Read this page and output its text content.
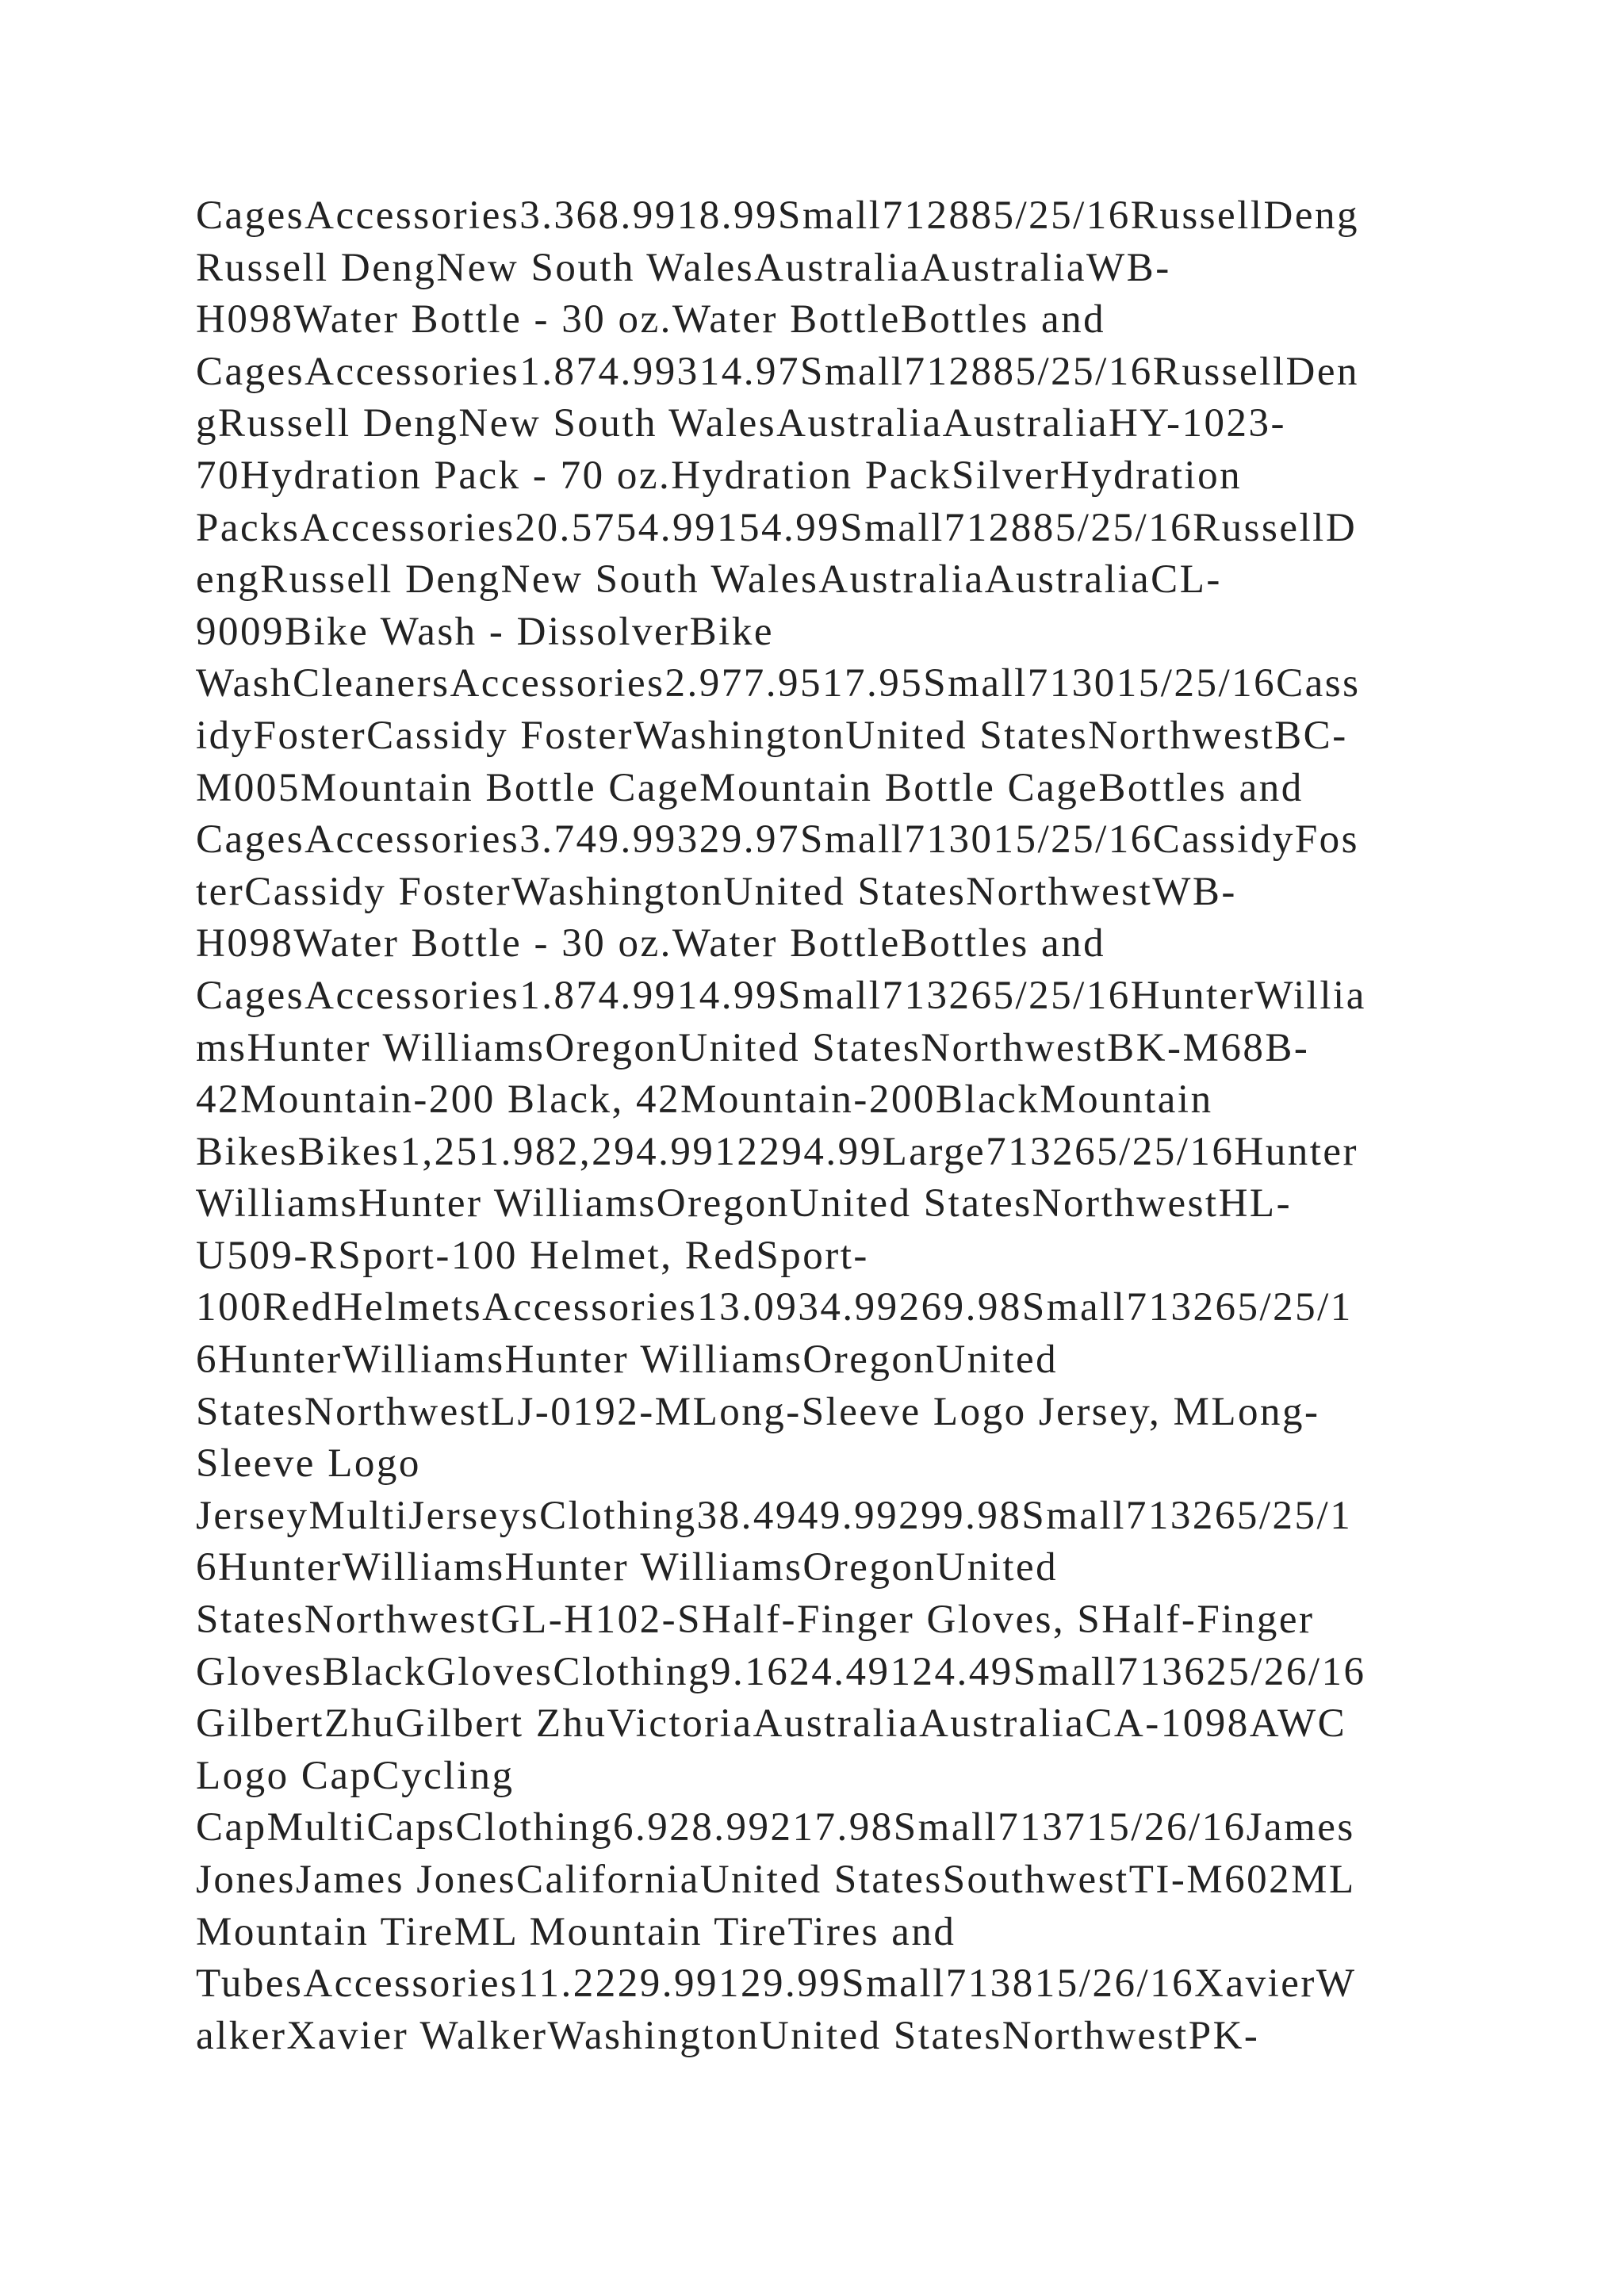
CagesAccessories3.368.9918.99Small712885/25/16RussellDeng
Russell DengNew South WalesAustraliaAustraliaWB-
H098Water Bottle - 30 oz.Water BottleBottles and
CagesAccessories1.874.99314.97Small712885/25/16RussellDen
gRussell DengNew South WalesAustraliaAustraliaHY-1023-
70Hydration Pack - 70 oz.Hydration PackSilverHydration
PacksAccessories20.5754.99154.99Small712885/25/16RussellD
engRussell DengNew South WalesAustraliaAustraliaCL-
9009Bike Wash - DissolverBike
WashCleanersAccessories2.977.9517.95Small713015/25/16Cass
idyFosterCassidy FosterWashingtonUnited StatesNorthwestBC-
M005Mountain Bottle CageMountain Bottle CageBottles and
CagesAccessories3.749.99329.97Small713015/25/16CassidyFos
terCassidy FosterWashingtonUnited StatesNorthwestWB-
H098Water Bottle - 30 oz.Water BottleBottles and
CagesAccessories1.874.9914.99Small713265/25/16HunterWillia
msHunter WilliamsOregonUnited StatesNorthwestBK-M68B-
42Mountain-200 Black, 42Mountain-200BlackMountain
BikesBikes1,251.982,294.9912294.99Large713265/25/16Hunter
WilliamsHunter WilliamsOregonUnited StatesNorthwestHL-
U509-RSport-100 Helmet, RedSport-
100RedHelmetsAccessories13.0934.99269.98Small713265/25/1
6HunterWilliamsHunter WilliamsOregonUnited
StatesNorthwestLJ-0192-MLong-Sleeve Logo Jersey, MLong-
Sleeve Logo
JerseyMultiJerseysClothing38.4949.99299.98Small713265/25/1
6HunterWilliamsHunter WilliamsOregonUnited
StatesNorthwestGL-H102-SHalf-Finger Gloves, SHalf-Finger
GlovesBlackGlovesClothing9.1624.49124.49Small713625/26/16
GilbertZhuGilbert ZhuVictoriaAustraliaAustraliaCA-1098AWC
Logo CapCycling
CapMultiCapsClothing6.928.99217.98Small713715/26/16James
JonesJames JonesCaliforniaUnited StatesSouthwestTI-M602ML
Mountain TireML Mountain TireTires and
TubesAccessories11.2229.99129.99Small713815/26/16XavierW
alkerXavier WalkerWashingtonUnited StatesNorthwestPK-
